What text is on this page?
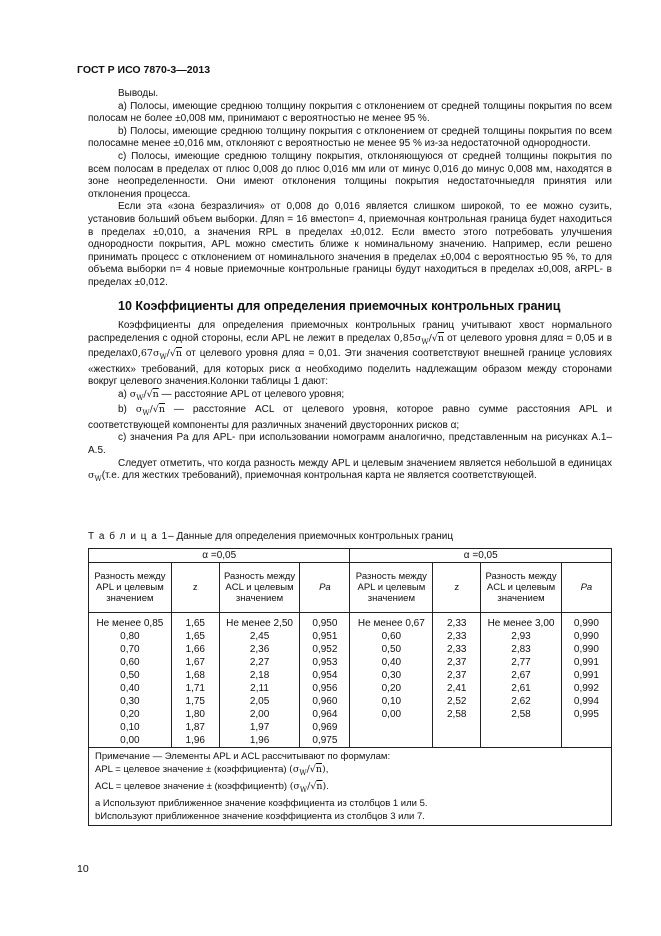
ГОСТ Р ИСО 7870-3—2013

Выводы.

а) Полосы, имеющие среднюю толщину покрытия с отклонением от средней толщины покрытия по всем полосам не более ±0,008 мм, принимают с вероятностью не менее 95 %.

b) Полосы, имеющие среднюю толщину покрытия с отклонением от средней толщины покрытия по всем полосамне менее ±0,016 мм, отклоняют с вероятностью не менее 95 % из-за недостаточной однородности.

c) Полосы, имеющие среднюю толщину покрытия, отклоняющуюся от средней толщины покрытия по всем полосам в пределах от плюс 0,008 до плюс 0,016 мм или от минус 0,016 до минус 0,008 мм, находятся в зоне неопределенности. Они имеют отклонения толщины покрытия недостаточныедля принятия или отклонения процесса.

Если эта «зона безразличия» от 0,008 до 0,016 является слишком широкой, то ее можно сузить, установив больший объем выборки. Дляn = 16 вместоn= 4, приемочная контрольная граница будет находиться в пределах ±0,010, а значения RPL в пределах ±0,012. Если вместо этого потребовать улучшения однородности покрытия, APL можно сместить ближе к номинальному значению. Например, если решено принимать процесс с отклонением от номинального значения в пределах ±0,004 с вероятностью 95 %, то для объема выборки n= 4 новые приемочные контрольные границы будут находиться в пределах ±0,008, аRPL- в пределах ±0,012.

10 Коэффициенты для определения приемочных контрольных границ

Коэффициенты для определения приемочных контрольных границ учитывают хвост нормального распределения с одной стороны, если APL не лежит в пределах $0,85\sigma_W/√n$ от целевого уровня дляα = 0,05 и в $пределах0,67\sigma_W/√n$ от целевого уровня дляα = 0,01. Эти значения соответствуют внешней границе условиях «жестких» требований, для которых риск α необходимо поделить надлежащим образом между сторонами вокруг целевого значения.Колонки таблицы 1 дают:

а) $\sigma_W/√n$ — расстояние APL от целевого уровня;

b) $\sigma_W/√n$ — расстояние ACL от целевого уровня, которое равно сумме расстояния APL и соответствующей компоненты для различных значений двусторонних рисков α;

c) значения Pa для APL- при использовании номограмм аналогично, представленным на рисунках А.1–А.5.

Следует отметить, что когда разность между APL и целевым значением является небольшой в единицах $\sigma_W(т.е$. для жестких требований), приемочная контрольная карта не является соответствующей.

Т а б л и ц а 1– Данные для определения приемочных контрольных границ
α =0,05				α =0,05			
Разность между APL и целевым значением	z	Разность между ACL и целевым значением	Pa	Разность между APL и целевым значением	z	Разность между ACL и целевым значением	Pa
Не менее 0,85	1,65	Не менее 2,50	0,950	Не менее 0,67	2,33	Не менее 3,00	0,990
0,80	1,65	2,45	0,951	0,60	2,33	2,93	0,990
0,70	1,66	2,36	0,952	0,50	2,33	2,83	0,990
0,60	1,67	2,27	0,953	0,40	2,37	2,77	0,991
0,50	1,68	2,18	0,954	0,30	2,37	2,67	0,991
0,40	1,71	2,11	0,956	0,20	2,41	2,61	0,992
0,30	1,75	2,05	0,960	0,10	2,52	2,62	0,994
0,20	1,80	2,00	0,964	0,00	2,58	2,58	0,995
0,10	1,87	1,97	0,969				
0,00	1,96	1,96	0,975				

Примечание — Элементы APL и ACL рассчитывают по формулам:
APL = целевое значение ± (коэффициентa) $(\sigma_W/√n)$,
ACL = целевое значение ± (коэффициентb) $(\sigma_W/√n)$.
a Используют приближенное значение коэффициента из столбцов 1 или 5.
bИспользуют приближенное значение коэффициента из столбцов 3 или 7.							
10
